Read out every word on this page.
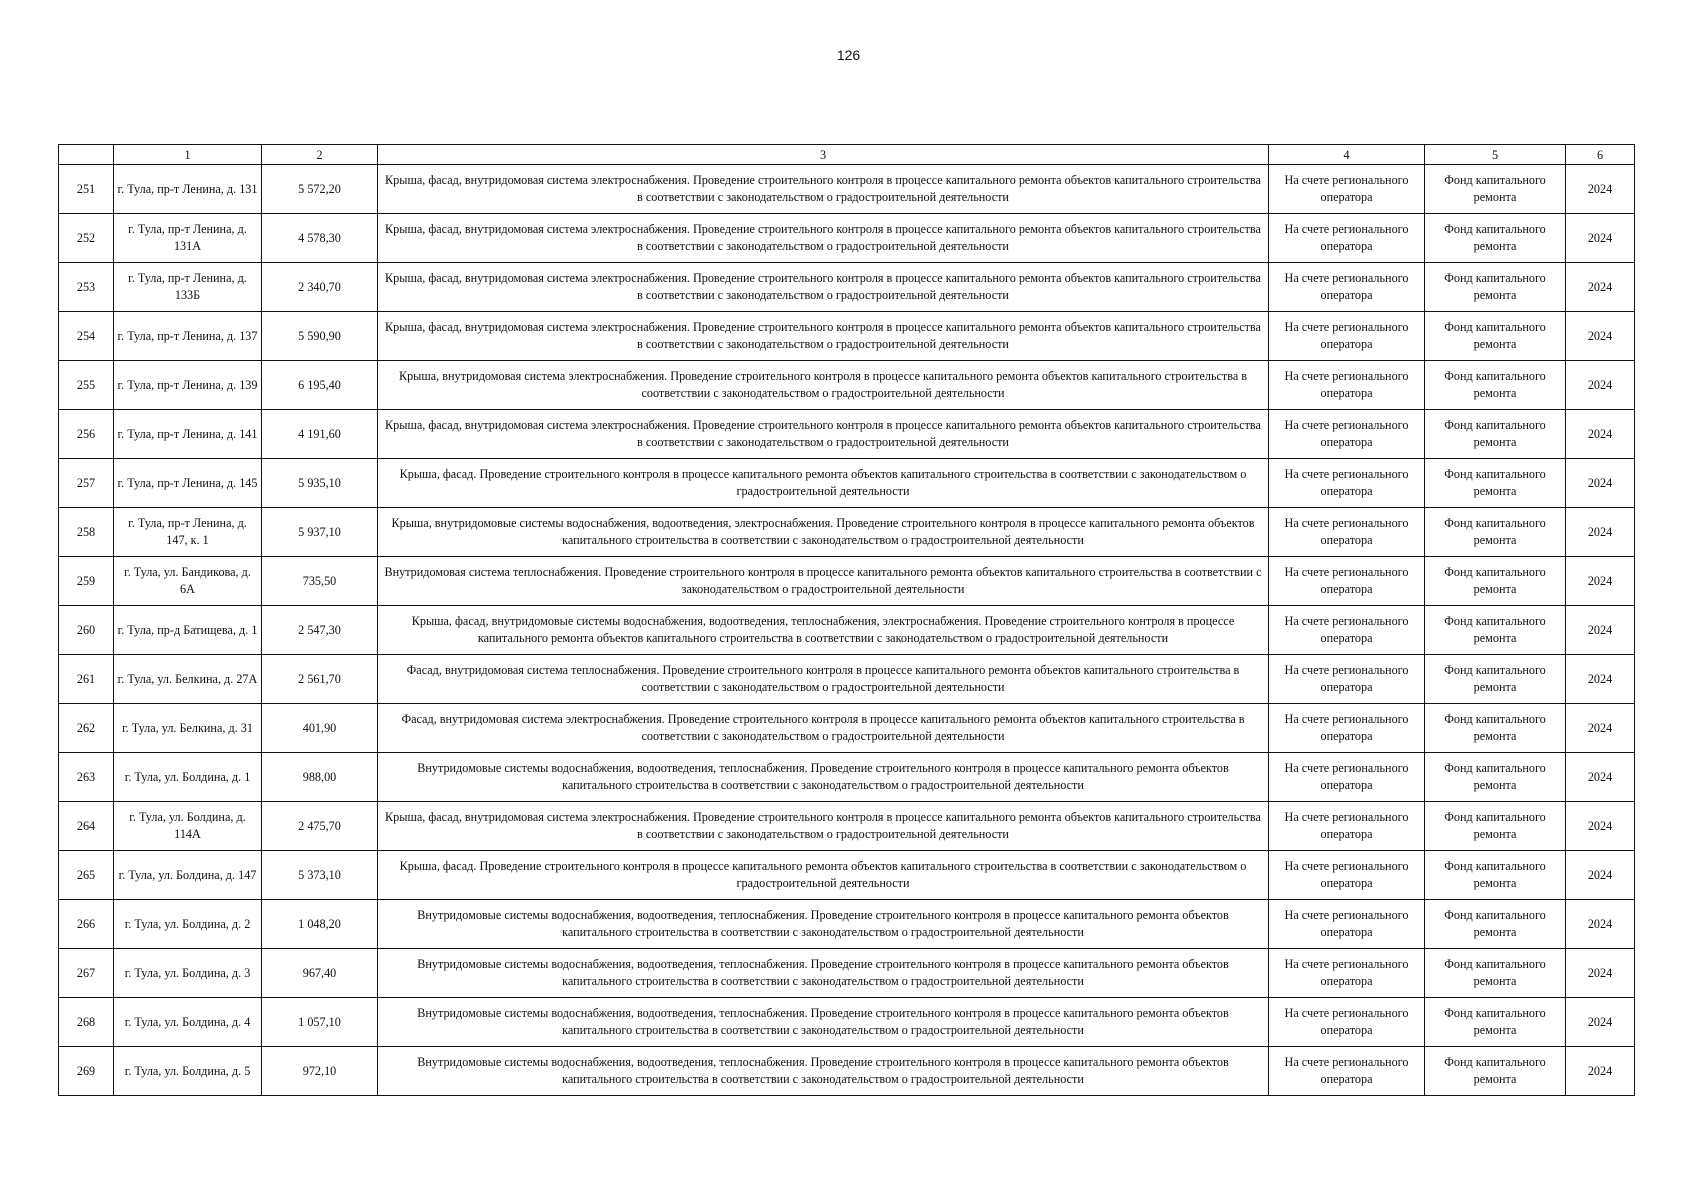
126
	1	2	3	4	5	6
251	г. Тула, пр-т Ленина, д. 131	5 572,20	Крыша, фасад, внутридомовая система электроснабжения. Проведение строительного контроля в процессе капитального ремонта объектов капитального строительства в соответствии с законодательством о градостроительной деятельности	На счете регионального оператора	Фонд капитального ремонта	2024
252	г. Тула, пр-т Ленина, д. 131А	4 578,30	Крыша, фасад, внутридомовая система электроснабжения. Проведение строительного контроля в процессе капитального ремонта объектов капитального строительства в соответствии с законодательством о градостроительной деятельности	На счете регионального оператора	Фонд капитального ремонта	2024
253	г. Тула, пр-т Ленина, д. 133Б	2 340,70	Крыша, фасад, внутридомовая система электроснабжения. Проведение строительного контроля в процессе капитального ремонта объектов капитального строительства в соответствии с законодательством о градостроительной деятельности	На счете регионального оператора	Фонд капитального ремонта	2024
254	г. Тула, пр-т Ленина, д. 137	5 590,90	Крыша, фасад, внутридомовая система электроснабжения. Проведение строительного контроля в процессе капитального ремонта объектов капитального строительства в соответствии с законодательством о градостроительной деятельности	На счете регионального оператора	Фонд капитального ремонта	2024
255	г. Тула, пр-т Ленина, д. 139	6 195,40	Крыша, внутридомовая система электроснабжения. Проведение строительного контроля в процессе капитального ремонта объектов капитального строительства в соответствии с законодательством о градостроительной деятельности	На счете регионального оператора	Фонд капитального ремонта	2024
256	г. Тула, пр-т Ленина, д. 141	4 191,60	Крыша, фасад, внутридомовая система электроснабжения. Проведение строительного контроля в процессе капитального ремонта объектов капитального строительства в соответствии с законодательством о градостроительной деятельности	На счете регионального оператора	Фонд капитального ремонта	2024
257	г. Тула, пр-т Ленина, д. 145	5 935,10	Крыша, фасад. Проведение строительного контроля в процессе капитального ремонта объектов капитального строительства в соответствии с законодательством о градостроительной деятельности	На счете регионального оператора	Фонд капитального ремонта	2024
258	г. Тула, пр-т Ленина, д. 147, к. 1	5 937,10	Крыша, внутридомовые системы водоснабжения, водоотведения, электроснабжения. Проведение строительного контроля в процессе капитального ремонта объектов капитального строительства в соответствии с законодательством о градостроительной деятельности	На счете регионального оператора	Фонд капитального ремонта	2024
259	г. Тула, ул. Бандикова, д. 6А	735,50	Внутридомовая система теплоснабжения. Проведение строительного контроля в процессе капитального ремонта объектов капитального строительства в соответствии с законодательством о градостроительной деятельности	На счете регионального оператора	Фонд капитального ремонта	2024
260	г. Тула, пр-д Батищева, д. 1	2 547,30	Крыша, фасад, внутридомовые системы водоснабжения, водоотведения, теплоснабжения, электроснабжения. Проведение строительного контроля в процессе капитального ремонта объектов капитального строительства в соответствии с законодательством о градостроительной деятельности	На счете регионального оператора	Фонд капитального ремонта	2024
261	г. Тула, ул. Белкина, д. 27А	2 561,70	Фасад, внутридомовая система теплоснабжения. Проведение строительного контроля в процессе капитального ремонта объектов капитального строительства в соответствии с законодательством о градостроительной деятельности	На счете регионального оператора	Фонд капитального ремонта	2024
262	г. Тула, ул. Белкина, д. 31	401,90	Фасад, внутридомовая система электроснабжения. Проведение строительного контроля в процессе капитального ремонта объектов капитального строительства в соответствии с законодательством о градостроительной деятельности	На счете регионального оператора	Фонд капитального ремонта	2024
263	г. Тула, ул. Болдина, д. 1	988,00	Внутридомовые системы водоснабжения, водоотведения, теплоснабжения. Проведение строительного контроля в процессе капитального ремонта объектов капитального строительства в соответствии с законодательством о градостроительной деятельности	На счете регионального оператора	Фонд капитального ремонта	2024
264	г. Тула, ул. Болдина, д. 114А	2 475,70	Крыша, фасад, внутридомовая система электроснабжения. Проведение строительного контроля в процессе капитального ремонта объектов капитального строительства в соответствии с законодательством о градостроительной деятельности	На счете регионального оператора	Фонд капитального ремонта	2024
265	г. Тула, ул. Болдина, д. 147	5 373,10	Крыша, фасад. Проведение строительного контроля в процессе капитального ремонта объектов капитального строительства в соответствии с законодательством о градостроительной деятельности	На счете регионального оператора	Фонд капитального ремонта	2024
266	г. Тула, ул. Болдина, д. 2	1 048,20	Внутридомовые системы водоснабжения, водоотведения, теплоснабжения. Проведение строительного контроля в процессе капитального ремонта объектов капитального строительства в соответствии с законодательством о градостроительной деятельности	На счете регионального оператора	Фонд капитального ремонта	2024
267	г. Тула, ул. Болдина, д. 3	967,40	Внутридомовые системы водоснабжения, водоотведения, теплоснабжения. Проведение строительного контроля в процессе капитального ремонта объектов капитального строительства в соответствии с законодательством о градостроительной деятельности	На счете регионального оператора	Фонд капитального ремонта	2024
268	г. Тула, ул. Болдина, д. 4	1 057,10	Внутридомовые системы водоснабжения, водоотведения, теплоснабжения. Проведение строительного контроля в процессе капитального ремонта объектов капитального строительства в соответствии с законодательством о градостроительной деятельности	На счете регионального оператора	Фонд капитального ремонта	2024
269	г. Тула, ул. Болдина, д. 5	972,10	Внутридомовые системы водоснабжения, водоотведения, теплоснабжения. Проведение строительного контроля в процессе капитального ремонта объектов капитального строительства в соответствии с законодательством о градостроительной деятельности	На счете регионального оператора	Фонд капитального ремонта	2024
